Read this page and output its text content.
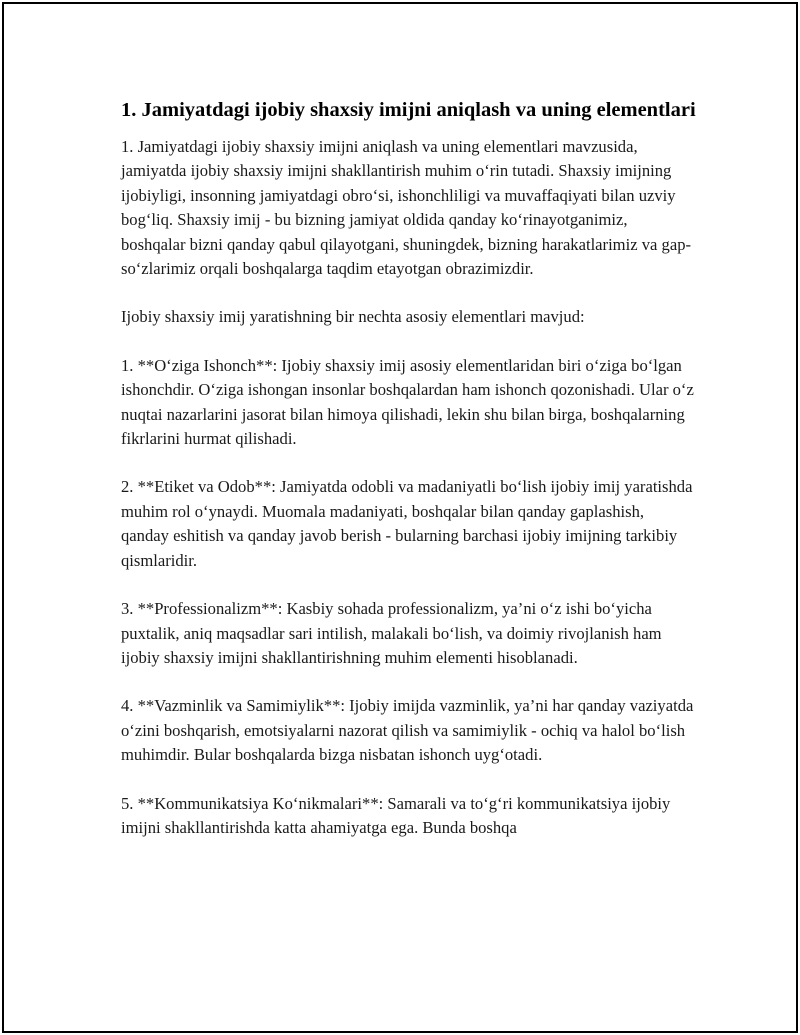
1. Jamiyatdagi ijobiy shaxsiy imijni aniqlash va uning elementlari

1. Jamiyatdagi ijobiy shaxsiy imijni aniqlash va uning elementlari mavzusida, jamiyatda ijobiy shaxsiy imijni shakllantirish muhim o‘rin tutadi. Shaxsiy imijning ijobiyligi, insonning jamiyatdagi obro‘si, ishonchliligi va muvaffaqiyati bilan uzviy bog‘liq. Shaxsiy imij - bu bizning jamiyat oldida qanday ko‘rinayotganimiz, boshqalar bizni qanday qabul qilayotgani, shuningdek, bizning harakatlarimiz va gap-so‘zlarimiz orqali boshqalarga taqdim etayotgan obrazimizdir.

Ijobiy shaxsiy imij yaratishning bir nechta asosiy elementlari mavjud:

1. **O‘ziga Ishonch**: Ijobiy shaxsiy imij asosiy elementlaridan biri o‘ziga bo‘lgan ishonchdir. O‘ziga ishongan insonlar boshqalardan ham ishonch qozonishadi. Ular o‘z nuqtai nazarlarini jasorat bilan himoya qilishadi, lekin shu bilan birga, boshqalarning fikrlarini hurmat qilishadi.

2. **Etiket va Odob**: Jamiyatda odobli va madaniyatli bo‘lish ijobiy imij yaratishda muhim rol o‘ynaydi. Muomala madaniyati, boshqalar bilan qanday gaplashish, qanday eshitish va qanday javob berish - bularning barchasi ijobiy imijning tarkibiy qismlaridir.

3. **Professionalizm**: Kasbiy sohada professionalizm, ya’ni o‘z ishi bo‘yicha puxtalik, aniq maqsadlar sari intilish, malakali bo‘lish, va doimiy rivojlanish ham ijobiy shaxsiy imijni shakllantirishning muhim elementi hisoblanadi.

4. **Vazminlik va Samimiylik**: Ijobiy imijda vazminlik, ya’ni har qanday vaziyatda o‘zini boshqarish, emotsiyalarni nazorat qilish va samimiylik - ochiq va halol bo‘lish muhimdir. Bular boshqalarda bizga nisbatan ishonch uyg‘otadi.

5. **Kommunikatsiya Ko‘nikmalari**: Samarali va to‘g‘ri kommunikatsiya ijobiy imijni shakllantirishda katta ahamiyatga ega. Bunda boshqa
